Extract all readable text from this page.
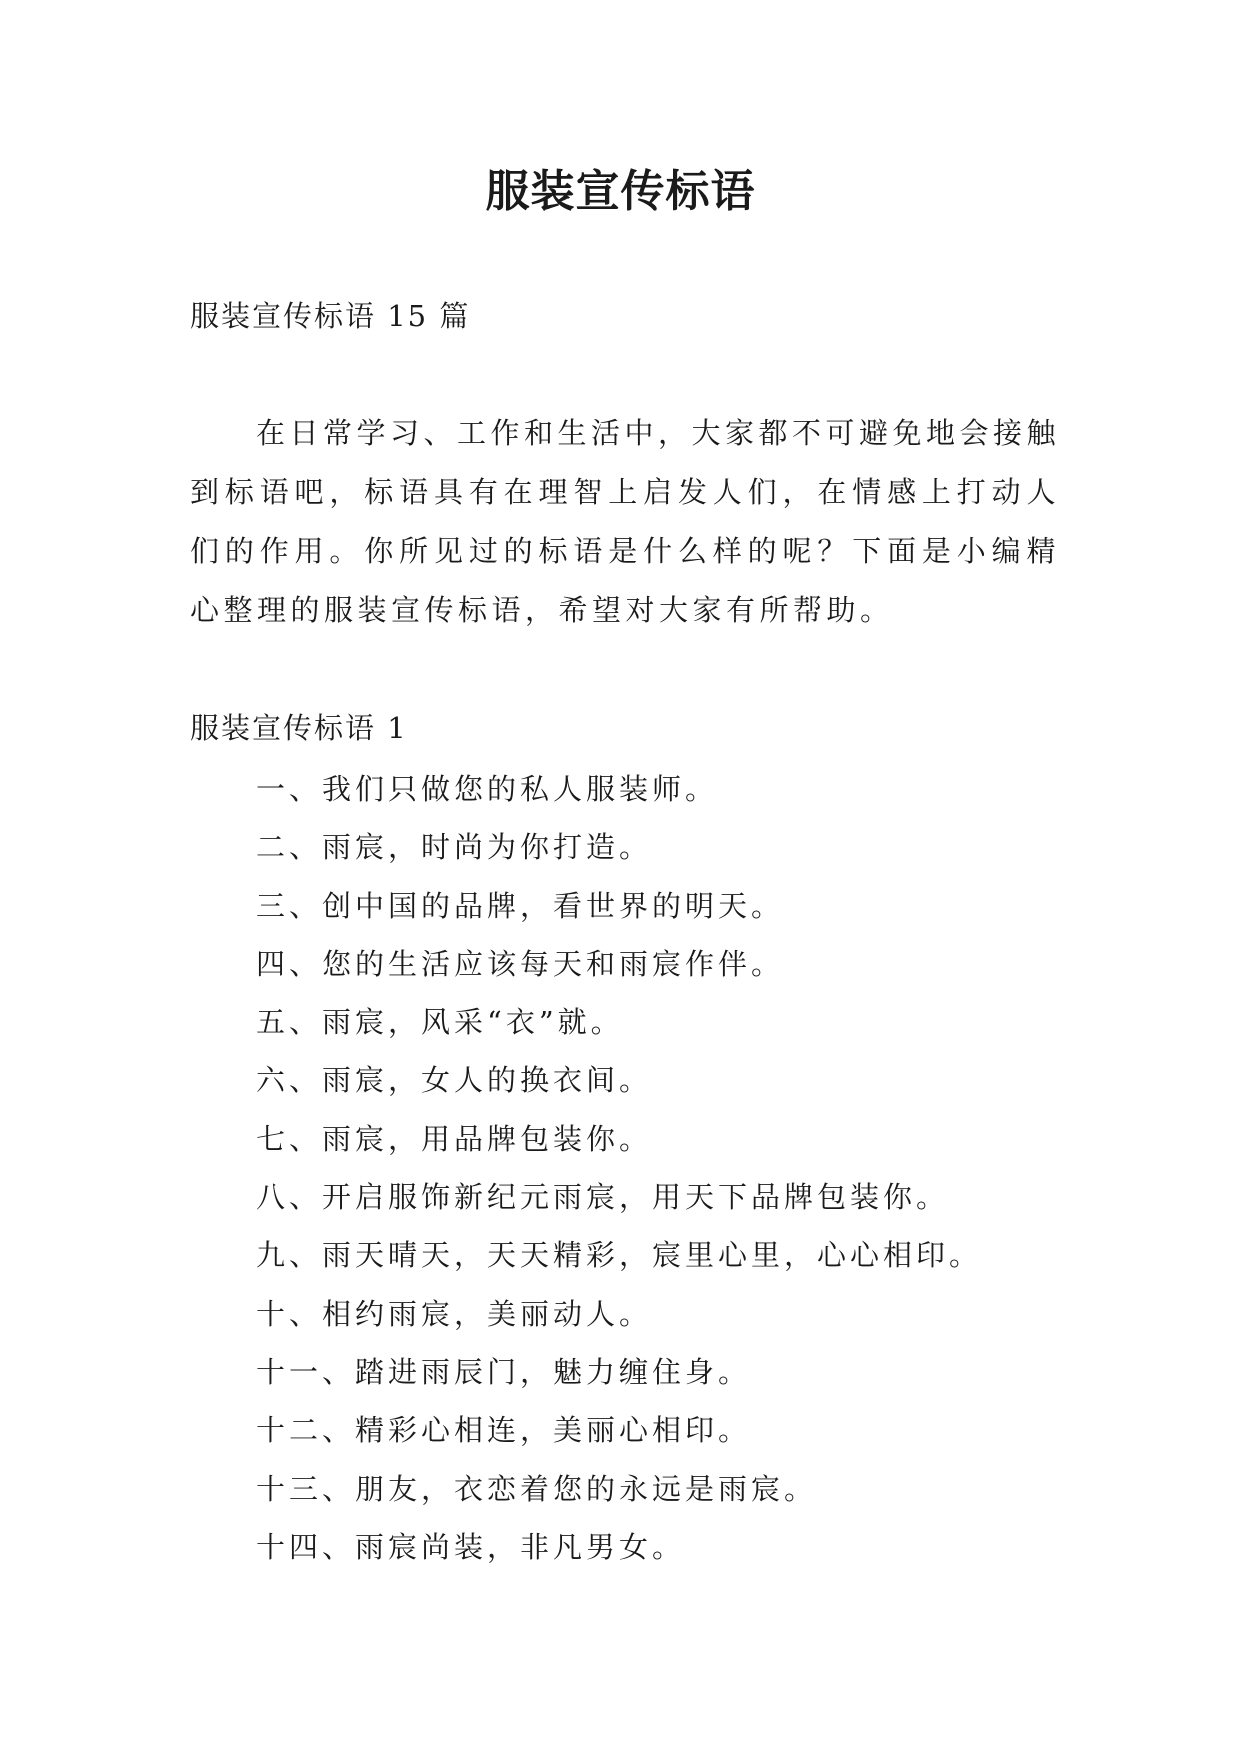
服装宣传标语

服装宣传标语 15 篇

在日常学习、工作和生活中，大家都不可避免地会接触到标语吧，标语具有在理智上启发人们，在情感上打动人们的作用。你所见过的标语是什么样的呢？下面是小编精心整理的服装宣传标语，希望对大家有所帮助。

服装宣传标语 1

一、我们只做您的私人服装师。
二、雨宸，时尚为你打造。
三、创中国的品牌，看世界的明天。
四、您的生活应该每天和雨宸作伴。
五、雨宸，风采“衣”就。
六、雨宸，女人的换衣间。
七、雨宸，用品牌包装你。
八、开启服饰新纪元雨宸，用天下品牌包装你。
九、雨天晴天，天天精彩，宸里心里，心心相印。
十、相约雨宸，美丽动人。
十一、踏进雨辰门，魅力缠住身。
十二、精彩心相连，美丽心相印。
十三、朋友，衣恋着您的永远是雨宸。
十四、雨宸尚装，非凡男女。
